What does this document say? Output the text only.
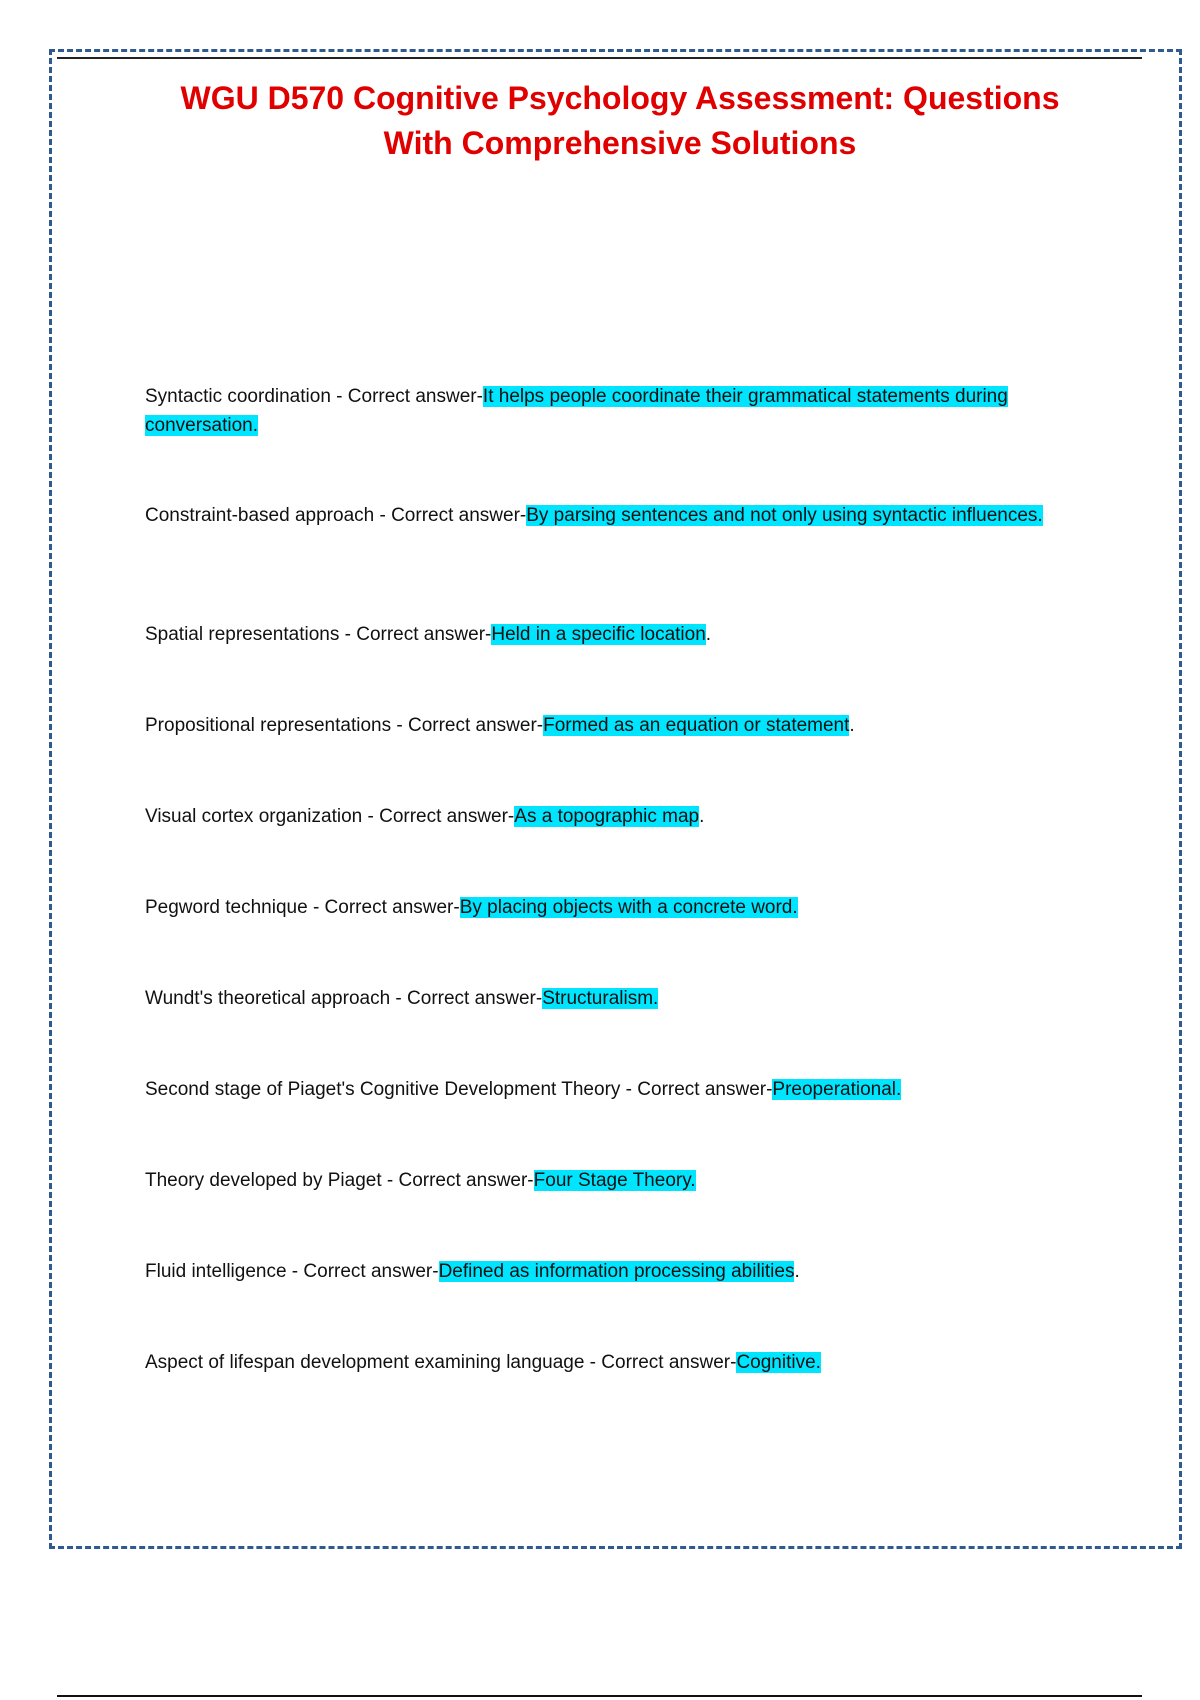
WGU D570 Cognitive Psychology Assessment: Questions
With Comprehensive Solutions

Syntactic coordination - Correct answer-It helps people coordinate their grammatical statements during conversation.

Constraint-based approach - Correct answer-By parsing sentences and not only using syntactic influences.

Spatial representations - Correct answer-Held in a specific location.

Propositional representations - Correct answer-Formed as an equation or statement.

Visual cortex organization - Correct answer-As a topographic map.

Pegword technique - Correct answer-By placing objects with a concrete word.

Wundt's theoretical approach - Correct answer-Structuralism.

Second stage of Piaget's Cognitive Development Theory - Correct answer-Preoperational.

Theory developed by Piaget - Correct answer-Four Stage Theory.

Fluid intelligence - Correct answer-Defined as information processing abilities.

Aspect of lifespan development examining language - Correct answer-Cognitive.
